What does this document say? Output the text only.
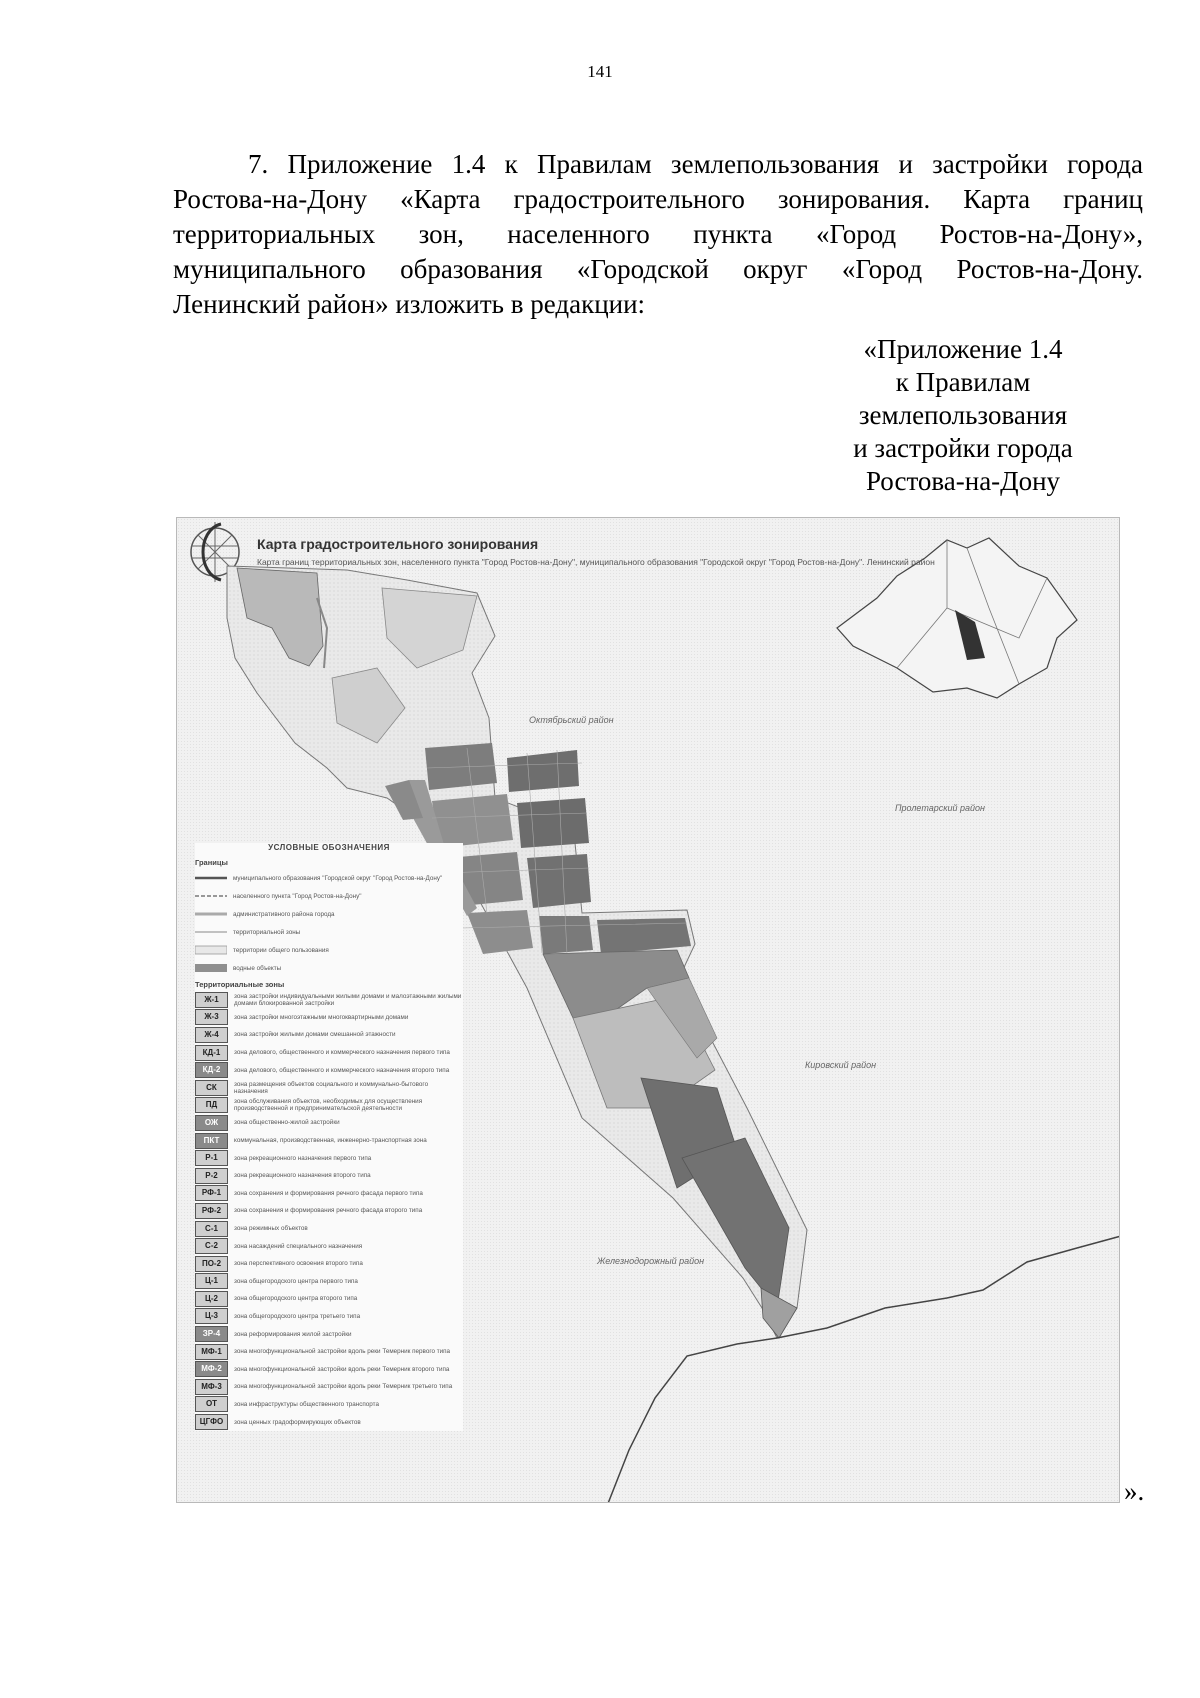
141
7. Приложение 1.4 к Правилам землепользования и застройки города
Ростова-на-Дону «Карта градостроительного зонирования. Карта границ
территориальных зон, населенного пункта «Город Ростов-на-Дону»,
муниципального образования «Городской округ «Город Ростов-на-Дону.
Ленинский район» изложить в редакции:
«Приложение 1.4
к Правилам
землепользования
и застройки города
Ростова-на-Дону
Карта градостроительного зонирования
Карта границ территориальных зон, населенного пункта "Город Ростов-на-Дону", муниципального образования "Городской округ "Город Ростов-на-Дону". Ленинский район
Октябрьский район
Пролетарский район
Кировский район
Железнодорожный район
УСЛОВНЫЕ ОБОЗНАЧЕНИЯ
Границы
муниципального образования "Городской округ "Город Ростов-на-Дону"
населенного пункта "Город Ростов-на-Дону"
административного района города
территориальной зоны
территории общего пользования
водные объекты
Территориальные зоны
Ж-1	зона застройки индивидуальными жилыми домами и малоэтажными жилыми домами блокированной застройки
Ж-3	зона застройки многоэтажными многоквартирными домами
Ж-4	зона застройки жилыми домами смешанной этажности
КД-1	зона делового, общественного и коммерческого назначения первого типа
КД-2	зона делового, общественного и коммерческого назначения второго типа
СК	зона размещения объектов социального и коммунально-бытового назначения
ПД	зона обслуживания объектов, необходимых для осуществления производственной и предпринимательской деятельности
ОЖ	зона общественно-жилой застройки
ПКТ	коммунальная, производственная, инженерно-транспортная зона
Р-1	зона рекреационного назначения первого типа
Р-2	зона рекреационного назначения второго типа
РФ-1	зона сохранения и формирования речного фасада первого типа
РФ-2	зона сохранения и формирования речного фасада второго типа
С-1	зона режимных объектов
С-2	зона насаждений специального назначения
ПО-2	зона перспективного освоения второго типа
Ц-1	зона общегородского центра первого типа
Ц-2	зона общегородского центра второго типа
Ц-3	зона общегородского центра третьего типа
ЗР-4	зона реформирования жилой застройки
МФ-1	зона многофункциональной застройки вдоль реки Темерник первого типа
МФ-2	зона многофункциональной застройки вдоль реки Темерник второго типа
МФ-3	зона многофункциональной застройки вдоль реки Темерник третьего типа
ОТ	зона инфраструктуры общественного транспорта
ЦГФО	зона ценных градоформирующих объектов
».
